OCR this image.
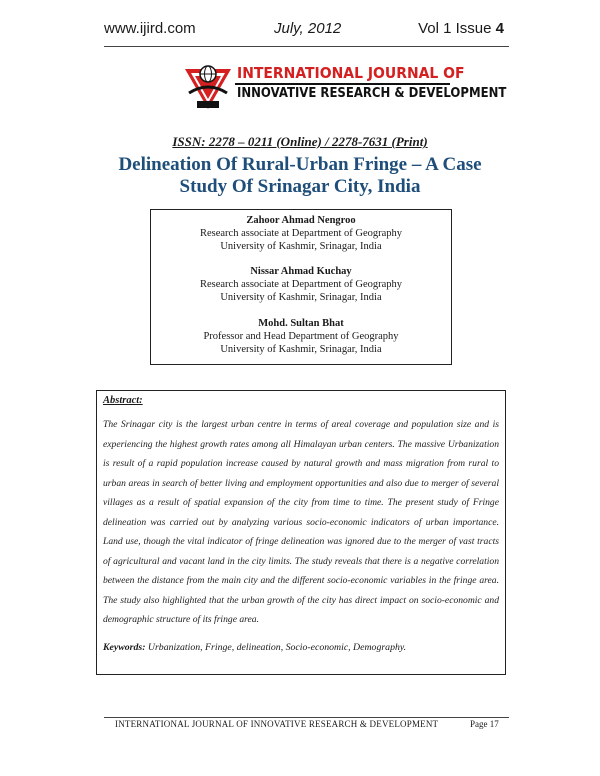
www.ijird.com	July, 2012	Vol 1 Issue 4
INTERNATIONAL JOURNAL OF
INNOVATIVE RESEARCH & DEVELOPMENT
ISSN: 2278 – 0211 (Online) / 2278-7631 (Print)
Delineation Of Rural-Urban Fringe – A Case
Study Of Srinagar City, India
Zahoor Ahmad Nengroo
Research associate at Department of Geography
University of Kashmir, Srinagar, India
Nissar Ahmad Kuchay
Research associate at Department of Geography
University of Kashmir, Srinagar, India
Mohd. Sultan Bhat
Professor and Head Department of Geography
University of Kashmir, Srinagar, India
Abstract:
The Srinagar city is the largest urban centre in terms of areal coverage and population size and is experiencing the highest growth rates among all Himalayan urban centers. The massive Urbanization is result of a rapid population increase caused by natural growth and mass migration from rural to urban areas in search of better living and employment opportunities and also due to merger of several villages as a result of spatial expansion of the city from time to time. The present study of Fringe delineation was carried out by analyzing various socio-economic indicators of urban importance. Land use, though the vital indicator of fringe delineation was ignored due to the merger of vast tracts of agricultural and vacant land in the city limits. The study reveals that there is a negative correlation between the distance from the main city and the different socio-economic variables in the fringe area. The study also highlighted that the urban growth of the city has direct impact on socio-economic and demographic structure of its fringe area.
Keywords: Urbanization, Fringe, delineation, Socio-economic, Demography.
INTERNATIONAL JOURNAL OF INNOVATIVE RESEARCH & DEVELOPMENT	Page 17
